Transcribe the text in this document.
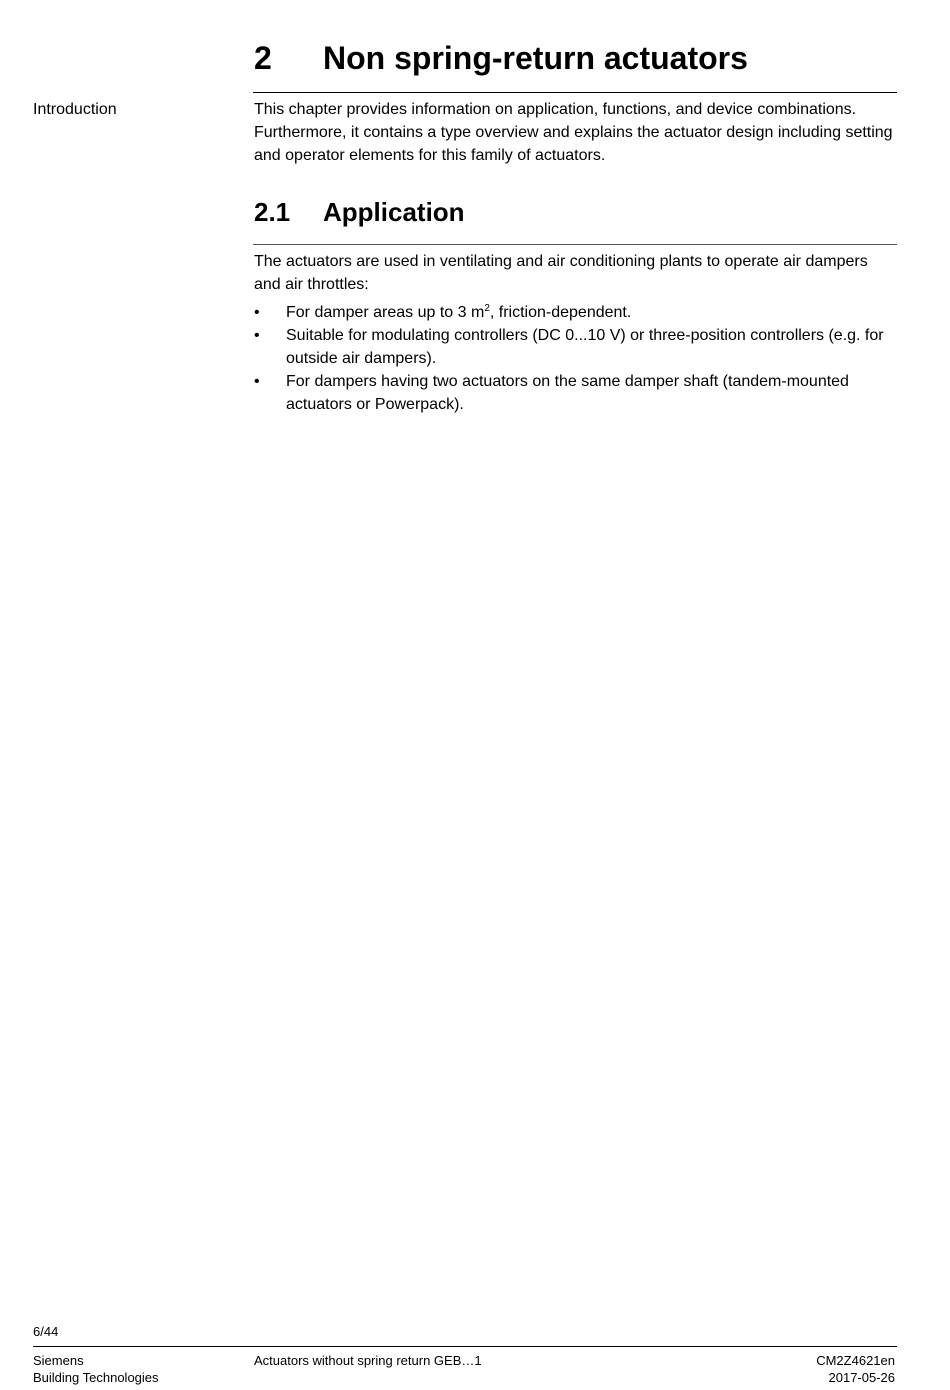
2 Non spring-return actuators
Introduction	This chapter provides information on application, functions, and device combinations. Furthermore, it contains a type overview and explains the actuator design including setting and operator elements for this family of actuators.
2.1 Application
The actuators are used in ventilating and air conditioning plants to operate air dampers and air throttles:
•	For damper areas up to 3 $m^2$, friction-dependent.
•	Suitable for modulating controllers (DC 0...10 V) or three-position controllers (e.g. for outside air dampers).
•	For dampers having two actuators on the same damper shaft (tandem-mounted actuators or Powerpack).
6/44
Siemens
Building Technologies
Actuators without spring return GEB…1	CM2Z4621en
2017-05-26
